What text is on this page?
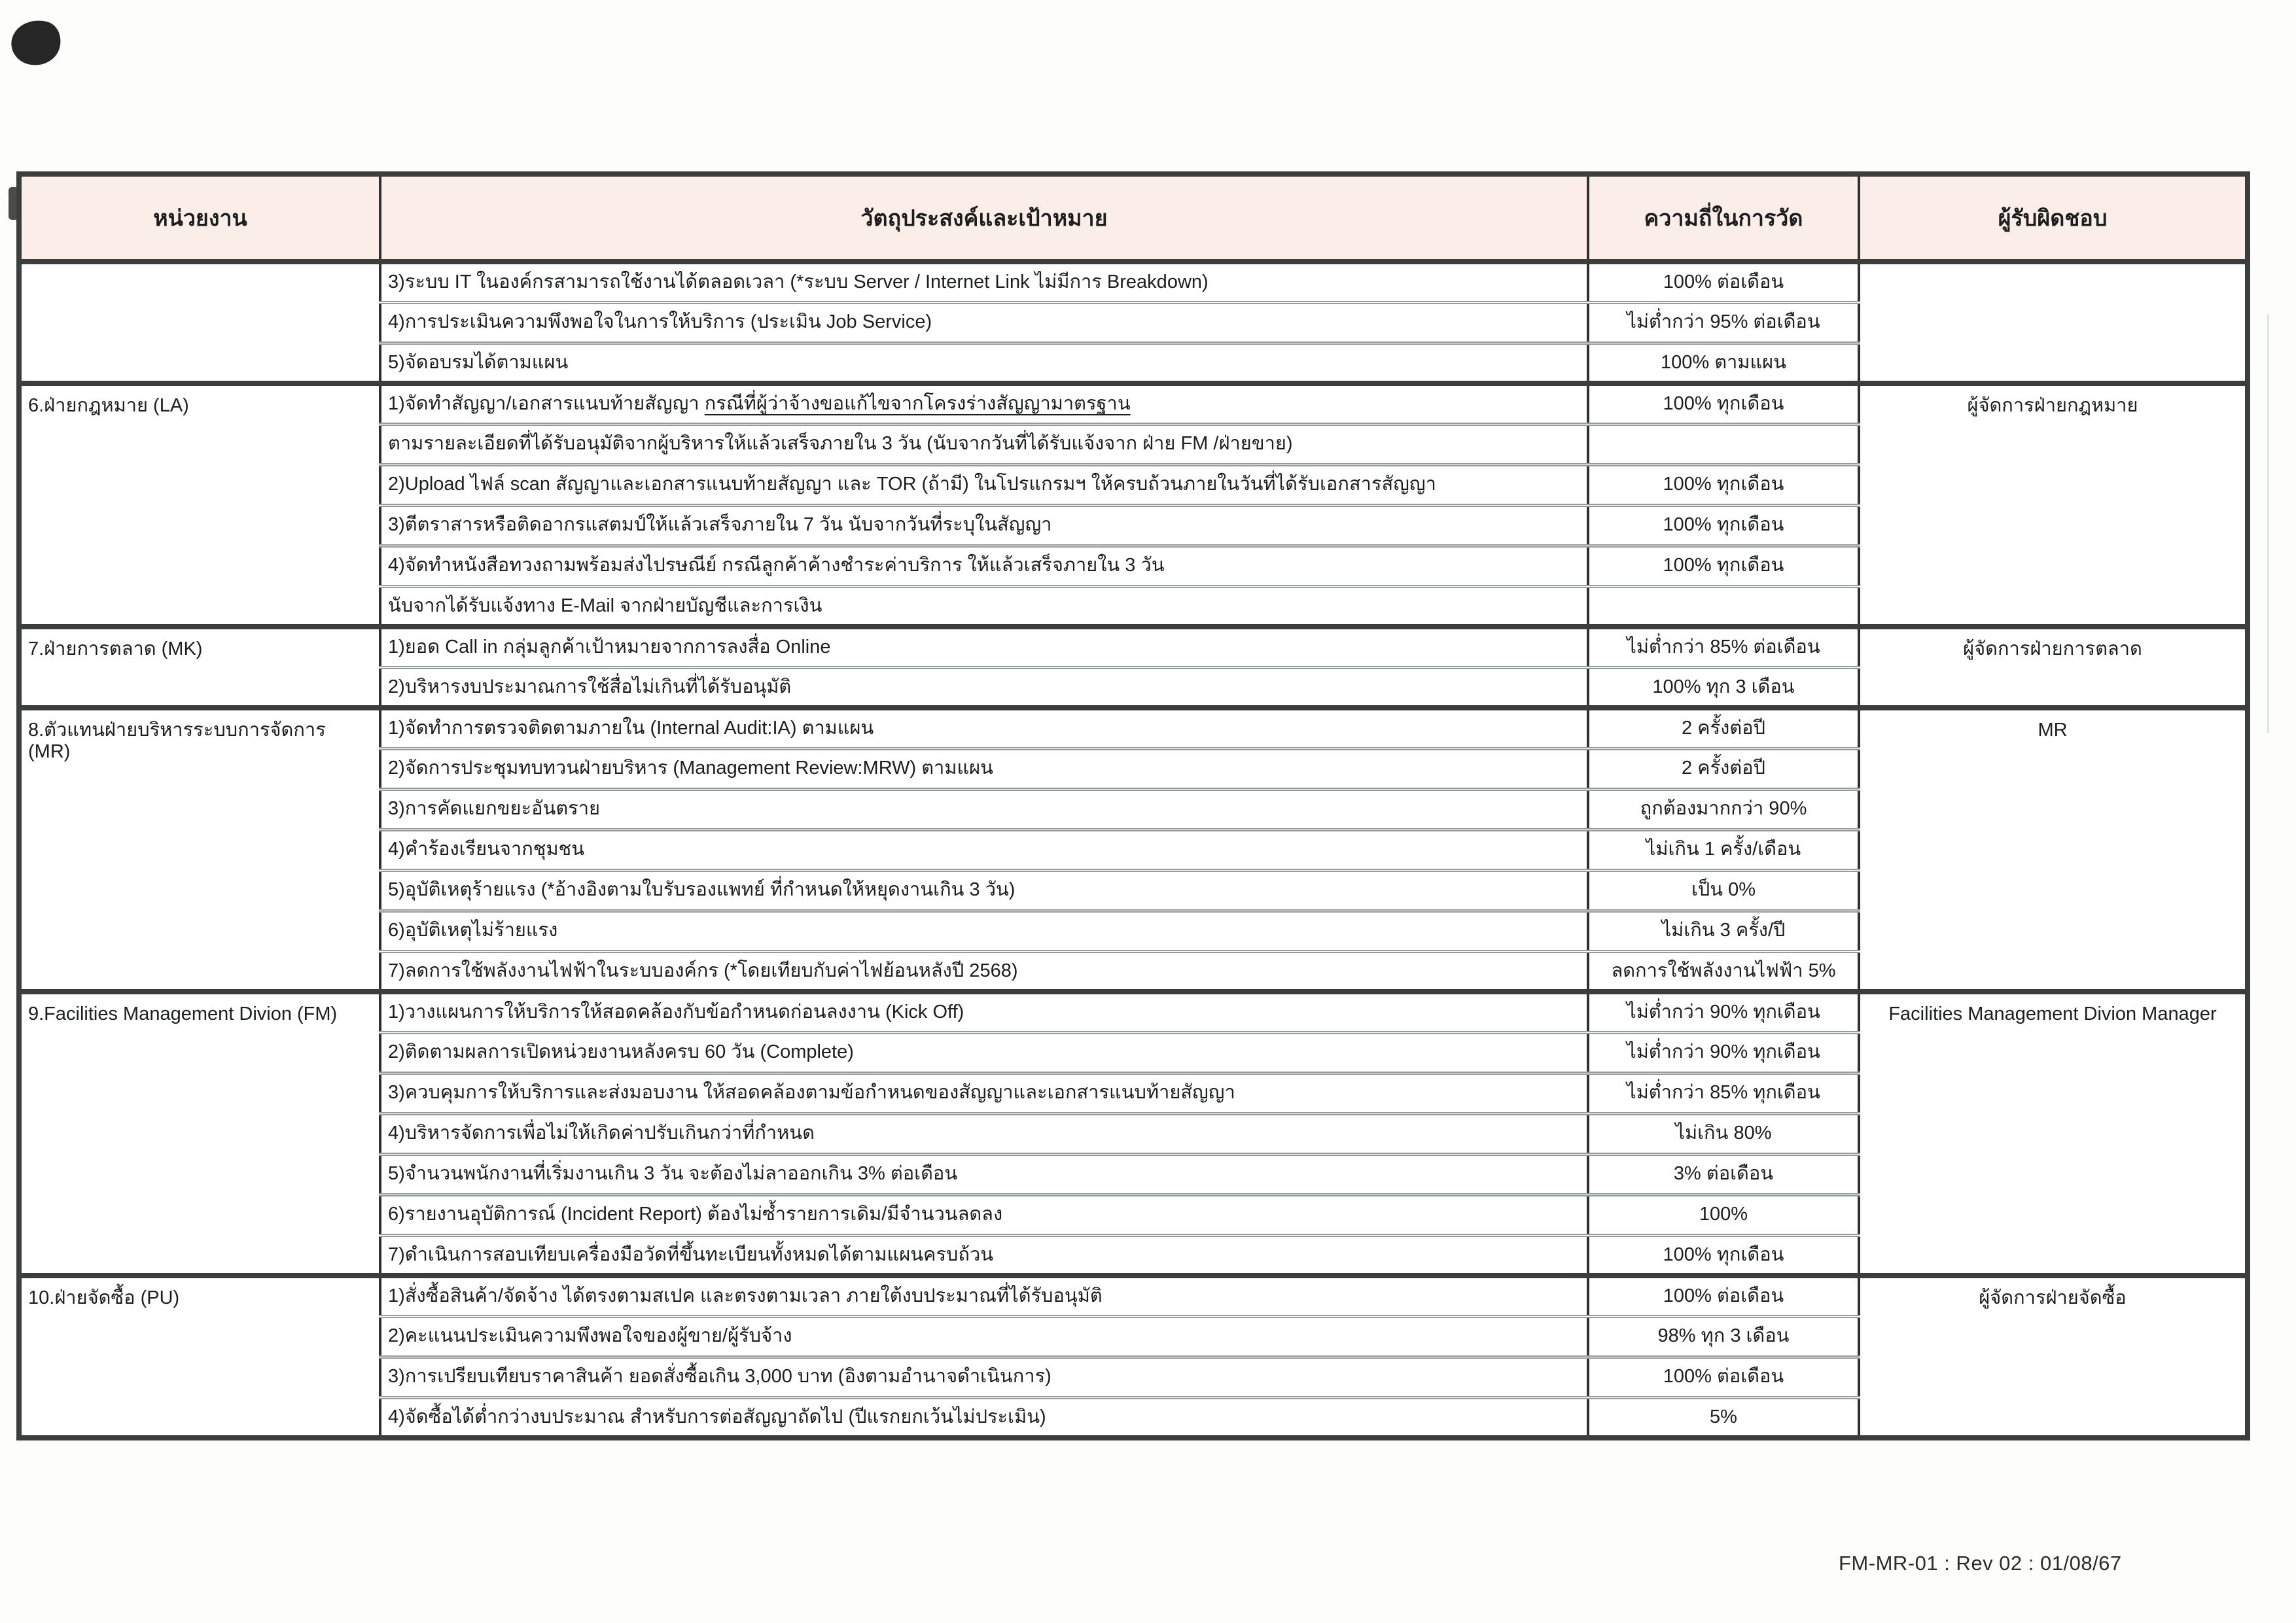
หน่วยงาน	วัตถุประสงค์และเป้าหมาย	ความถี่ในการวัด	ผู้รับผิดชอบ
	3)ระบบ IT ในองค์กรสามารถใช้งานได้ตลอดเวลา (*ระบบ Server / Internet Link ไม่มีการ Breakdown)	100% ต่อเดือน	
	4)การประเมินความพึงพอใจในการให้บริการ (ประเมิน Job Service)	ไม่ต่ำกว่า 95% ต่อเดือน	
	5)จัดอบรมได้ตามแผน	100% ตามแผน	
6.ฝ่ายกฎหมาย (LA)	1)จัดทำสัญญา/เอกสารแนบท้ายสัญญา กรณีที่ผู้ว่าจ้างขอแก้ไขจากโครงร่างสัญญามาตรฐาน	100% ทุกเดือน	ผู้จัดการฝ่ายกฎหมาย
	ตามรายละเอียดที่ได้รับอนุมัติจากผู้บริหารให้แล้วเสร็จภายใน 3 วัน (นับจากวันที่ได้รับแจ้งจาก ฝ่าย FM /ฝ่ายขาย)		
	2)Upload ไฟล์ scan สัญญาและเอกสารแนบท้ายสัญญา และ TOR (ถ้ามี) ในโปรแกรมฯ ให้ครบถ้วนภายในวันที่ได้รับเอกสารสัญญา	100% ทุกเดือน	
	3)ตีตราสารหรือติดอากรแสตมป์ให้แล้วเสร็จภายใน 7 วัน นับจากวันที่ระบุในสัญญา	100% ทุกเดือน	
	4)จัดทำหนังสือทวงถามพร้อมส่งไปรษณีย์ กรณีลูกค้าค้างชำระค่าบริการ ให้แล้วเสร็จภายใน 3 วัน	100% ทุกเดือน	
	นับจากได้รับแจ้งทาง E-Mail จากฝ่ายบัญชีและการเงิน		
7.ฝ่ายการตลาด (MK)	1)ยอด Call in กลุ่มลูกค้าเป้าหมายจากการลงสื่อ Online	ไม่ต่ำกว่า 85% ต่อเดือน	ผู้จัดการฝ่ายการตลาด
	2)บริหารงบประมาณการใช้สื่อไม่เกินที่ได้รับอนุมัติ	100% ทุก 3 เดือน	
8.ตัวแทนฝ่ายบริหารระบบการจัดการ (MR)	1)จัดทำการตรวจติดตามภายใน (Internal Audit:IA) ตามแผน	2 ครั้งต่อปี	MR
	2)จัดการประชุมทบทวนฝ่ายบริหาร (Management Review:MRW) ตามแผน	2 ครั้งต่อปี	
	3)การคัดแยกขยะอันตราย	ถูกต้องมากกว่า 90%	
	4)คำร้องเรียนจากชุมชน	ไม่เกิน 1 ครั้ง/เดือน	
	5)อุบัติเหตุร้ายแรง (*อ้างอิงตามใบรับรองแพทย์ ที่กำหนดให้หยุดงานเกิน 3 วัน)	เป็น 0%	
	6)อุบัติเหตุไม่ร้ายแรง	ไม่เกิน 3 ครั้ง/ปี	
	7)ลดการใช้พลังงานไฟฟ้าในระบบองค์กร (*โดยเทียบกับค่าไฟย้อนหลังปี 2568)	ลดการใช้พลังงานไฟฟ้า 5%	
9.Facilities Management Divion (FM)	1)วางแผนการให้บริการให้สอดคล้องกับข้อกำหนดก่อนลงงาน (Kick Off)	ไม่ต่ำกว่า 90% ทุกเดือน	Facilities Management Divion Manager
	2)ติดตามผลการเปิดหน่วยงานหลังครบ 60 วัน (Complete)	ไม่ต่ำกว่า 90% ทุกเดือน	
	3)ควบคุมการให้บริการและส่งมอบงาน ให้สอดคล้องตามข้อกำหนดของสัญญาและเอกสารแนบท้ายสัญญา	ไม่ต่ำกว่า 85% ทุกเดือน	
	4)บริหารจัดการเพื่อไม่ให้เกิดค่าปรับเกินกว่าที่กำหนด	ไม่เกิน 80%	
	5)จำนวนพนักงานที่เริ่มงานเกิน 3 วัน จะต้องไม่ลาออกเกิน 3% ต่อเดือน	3% ต่อเดือน	
	6)รายงานอุบัติการณ์ (Incident Report) ต้องไม่ซ้ำรายการเดิม/มีจำนวนลดลง	100%	
	7)ดำเนินการสอบเทียบเครื่องมือวัดที่ขึ้นทะเบียนทั้งหมดได้ตามแผนครบถ้วน	100% ทุกเดือน	
10.ฝ่ายจัดซื้อ (PU)	1)สั่งซื้อสินค้า/จัดจ้าง ได้ตรงตามสเปค และตรงตามเวลา ภายใต้งบประมาณที่ได้รับอนุมัติ	100% ต่อเดือน	ผู้จัดการฝ่ายจัดซื้อ
	2)คะแนนประเมินความพึงพอใจของผู้ขาย/ผู้รับจ้าง	98% ทุก 3 เดือน	
	3)การเปรียบเทียบราคาสินค้า ยอดสั่งซื้อเกิน 3,000 บาท (อิงตามอำนาจดำเนินการ)	100% ต่อเดือน	
	4)จัดซื้อได้ต่ำกว่างบประมาณ สำหรับการต่อสัญญาถัดไป (ปีแรกยกเว้นไม่ประเมิน)	5%	
FM-MR-01 : Rev 02 : 01/08/67
